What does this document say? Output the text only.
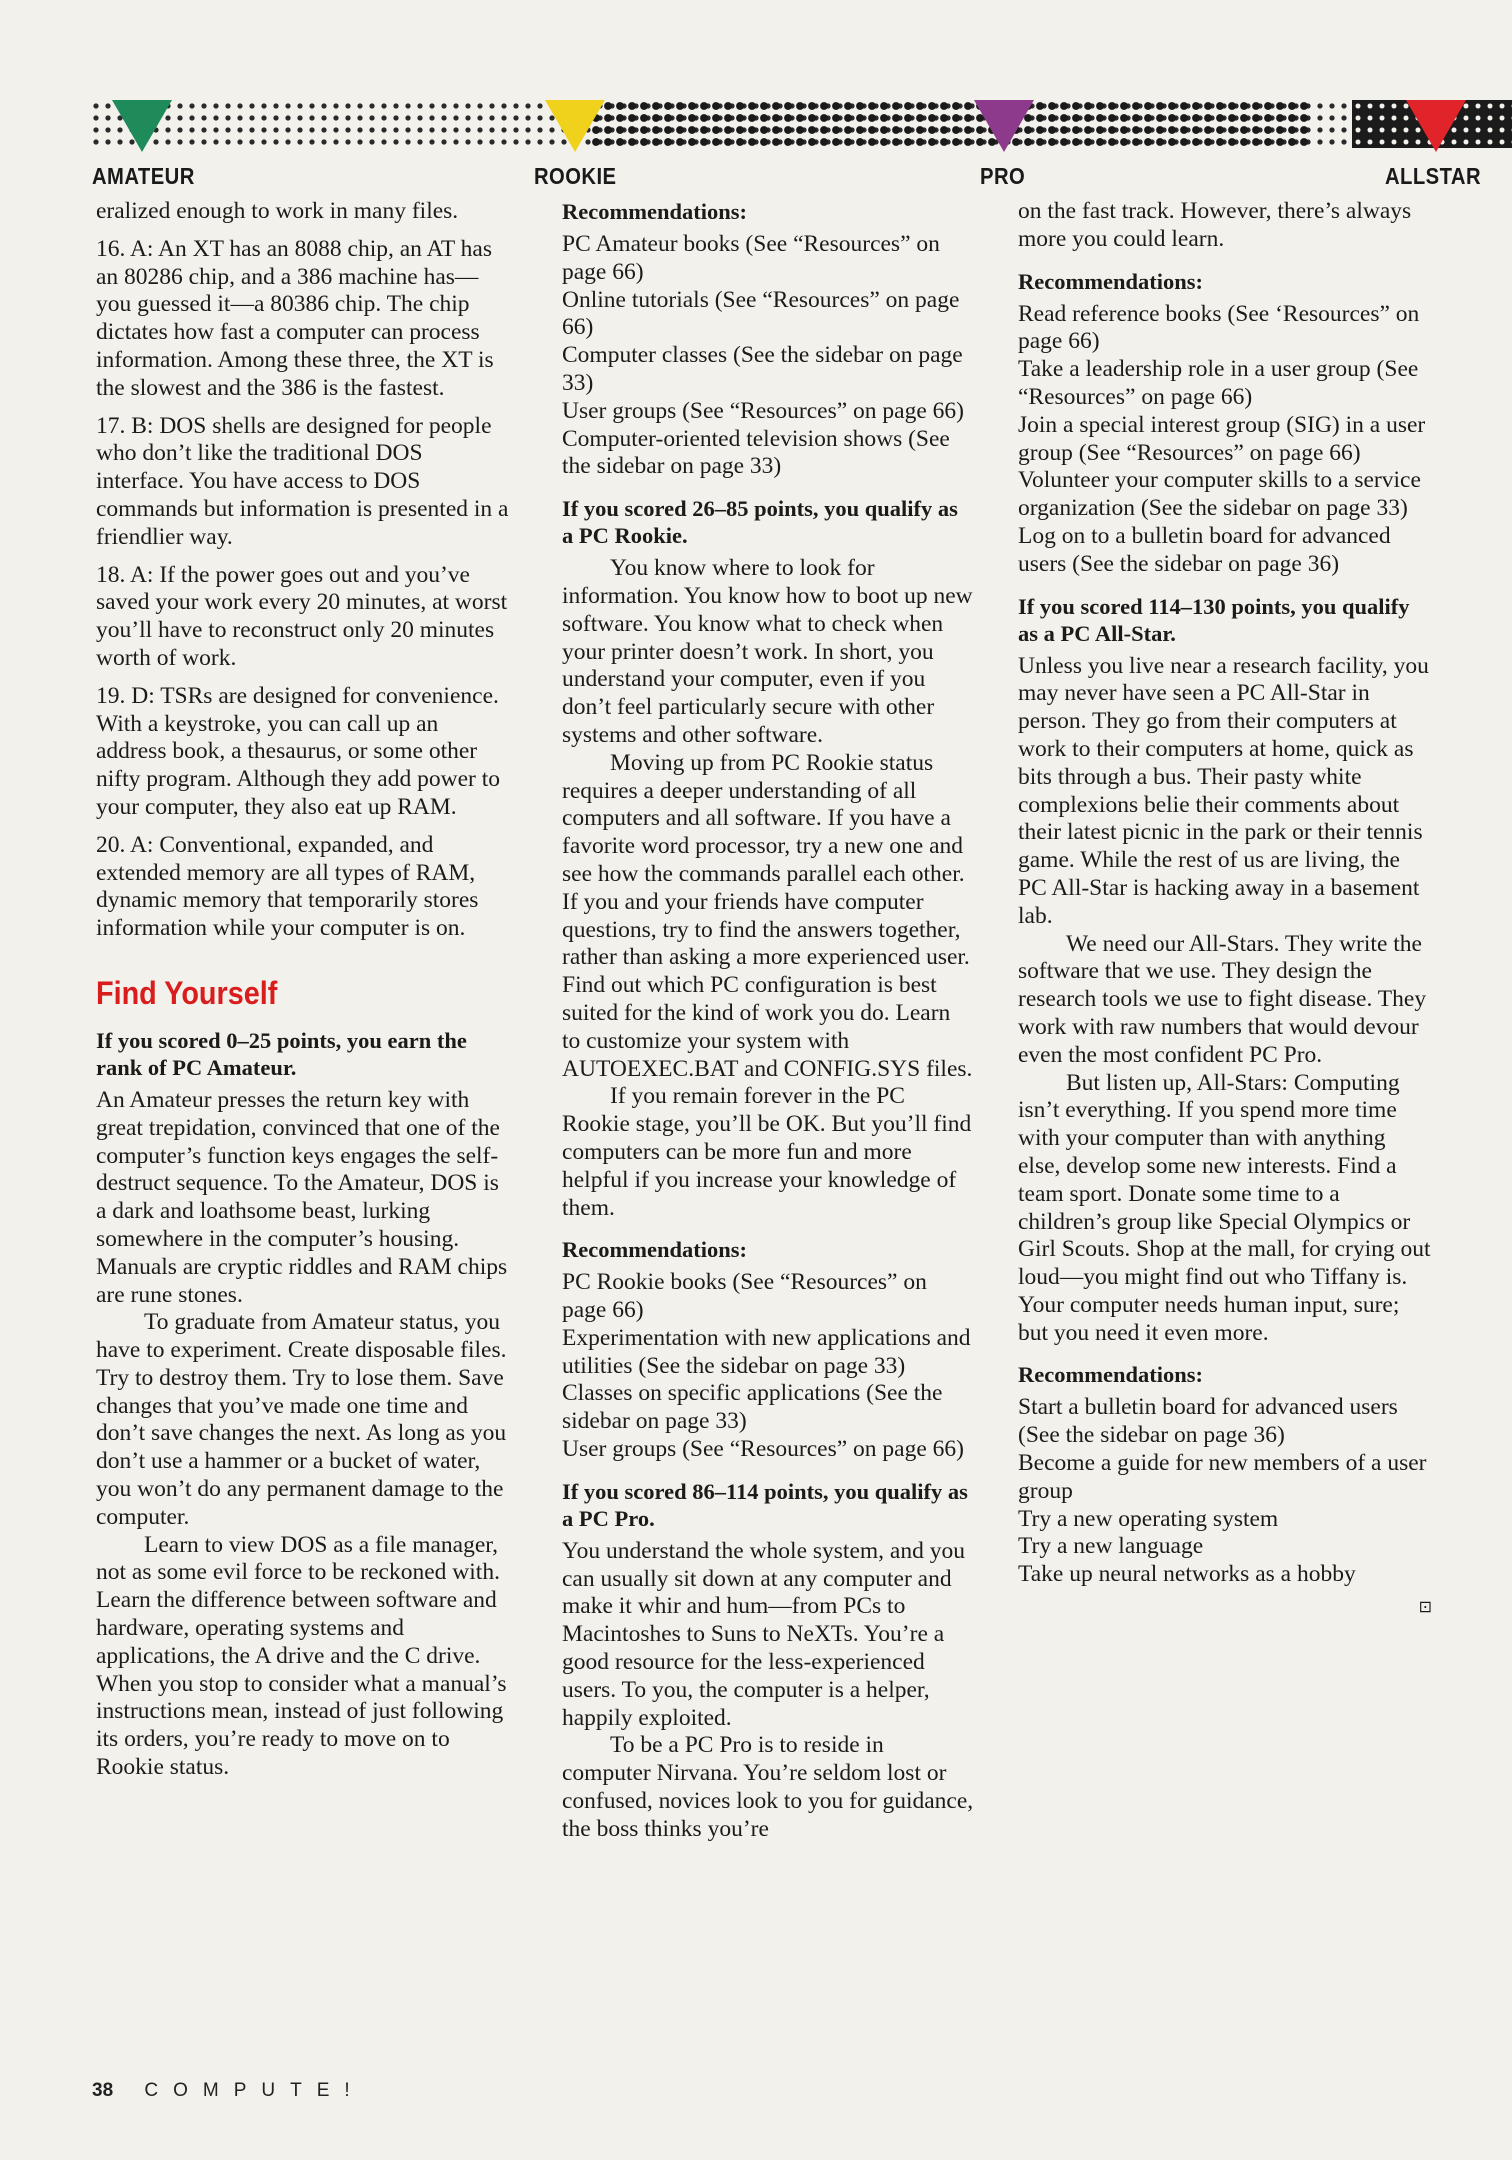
AMATEUR	ROOKIE	PRO	ALLSTAR

eralized enough to work in many files.

16. A: An XT has an 8088 chip, an AT has an 80286 chip, and a 386 machine has—you guessed it—a 80386 chip. The chip dictates how fast a computer can process information. Among these three, the XT is the slowest and the 386 is the fastest.

17. B: DOS shells are designed for people who don’t like the traditional DOS interface. You have access to DOS commands but information is presented in a friendlier way.

18. A: If the power goes out and you’ve saved your work every 20 minutes, at worst you’ll have to reconstruct only 20 minutes worth of work.

19. D: TSRs are designed for convenience. With a keystroke, you can call up an address book, a thesaurus, or some other nifty program. Although they add power to your computer, they also eat up RAM.

20. A: Conventional, expanded, and extended memory are all types of RAM, dynamic memory that temporarily stores information while your computer is on.

Find Yourself
If you scored 0–25 points, you earn the rank of PC Amateur.

An Amateur presses the return key with great trepidation, convinced that one of the computer’s function keys engages the self-destruct sequence. To the Amateur, DOS is a dark and loathsome beast, lurking somewhere in the computer’s housing. Manuals are cryptic riddles and RAM chips are rune stones.

To graduate from Amateur status, you have to experiment. Create disposable files. Try to destroy them. Try to lose them. Save changes that you’ve made one time and don’t save changes the next. As long as you don’t use a hammer or a bucket of water, you won’t do any permanent damage to the computer.

Learn to view DOS as a file manager, not as some evil force to be reckoned with. Learn the difference between software and hardware, operating systems and applications, the A drive and the C drive. When you stop to consider what a manual’s instructions mean, instead of just following its orders, you’re ready to move on to Rookie status.

Recommendations:
PC Amateur books (See “Resources” on page 66)
Online tutorials (See “Resources” on page 66)
Computer classes (See the sidebar on page 33)
User groups (See “Resources” on page 66)
Computer-oriented television shows (See the sidebar on page 33)
If you scored 26–85 points, you qualify as a PC Rookie.

You know where to look for information. You know how to boot up new software. You know what to check when your printer doesn’t work. In short, you understand your computer, even if you don’t feel particularly secure with other systems and other software.

Moving up from PC Rookie status requires a deeper understanding of all computers and all software. If you have a favorite word processor, try a new one and see how the commands parallel each other. If you and your friends have computer questions, try to find the answers together, rather than asking a more experienced user. Find out which PC configuration is best suited for the kind of work you do. Learn to customize your system with AUTOEXEC.BAT and CONFIG.SYS files.

If you remain forever in the PC Rookie stage, you’ll be OK. But you’ll find computers can be more fun and more helpful if you increase your knowledge of them.

Recommendations:
PC Rookie books (See “Resources” on page 66)
Experimentation with new applications and utilities (See the sidebar on page 33)
Classes on specific applications (See the sidebar on page 33)
User groups (See “Resources” on page 66)
If you scored 86–114 points, you qualify as a PC Pro.

You understand the whole system, and you can usually sit down at any computer and make it whir and hum—from PCs to Macintoshes to Suns to NeXTs. You’re a good resource for the less-experienced users. To you, the computer is a helper, happily exploited.

To be a PC Pro is to reside in computer Nirvana. You’re seldom lost or confused, novices look to you for guidance, the boss thinks you’re

on the fast track. However, there’s always more you could learn.

Recommendations:
Read reference books (See ‘Resources” on page 66)
Take a leadership role in a user group (See “Resources” on page 66)
Join a special interest group (SIG) in a user group (See “Resources” on page 66)
Volunteer your computer skills to a service organization (See the sidebar on page 33)
Log on to a bulletin board for advanced users (See the sidebar on page 36)
If you scored 114–130 points, you qualify as a PC All-Star.

Unless you live near a research facility, you may never have seen a PC All-Star in person. They go from their computers at work to their computers at home, quick as bits through a bus. Their pasty white complexions belie their comments about their latest picnic in the park or their tennis game. While the rest of us are living, the PC All-Star is hacking away in a basement lab.

We need our All-Stars. They write the software that we use. They design the research tools we use to fight disease. They work with raw numbers that would devour even the most confident PC Pro.

But listen up, All-Stars: Computing isn’t everything. If you spend more time with your computer than with anything else, develop some new interests. Find a team sport. Donate some time to a children’s group like Special Olympics or Girl Scouts. Shop at the mall, for crying out loud—you might find out who Tiffany is. Your computer needs human input, sure; but you need it even more.

Recommendations:
Start a bulletin board for advanced users (See the sidebar on page 36)
Become a guide for new members of a user group
Try a new operating system
Try a new language
Take up neural networks as a hobby
⊡
38 COMPUTE!
